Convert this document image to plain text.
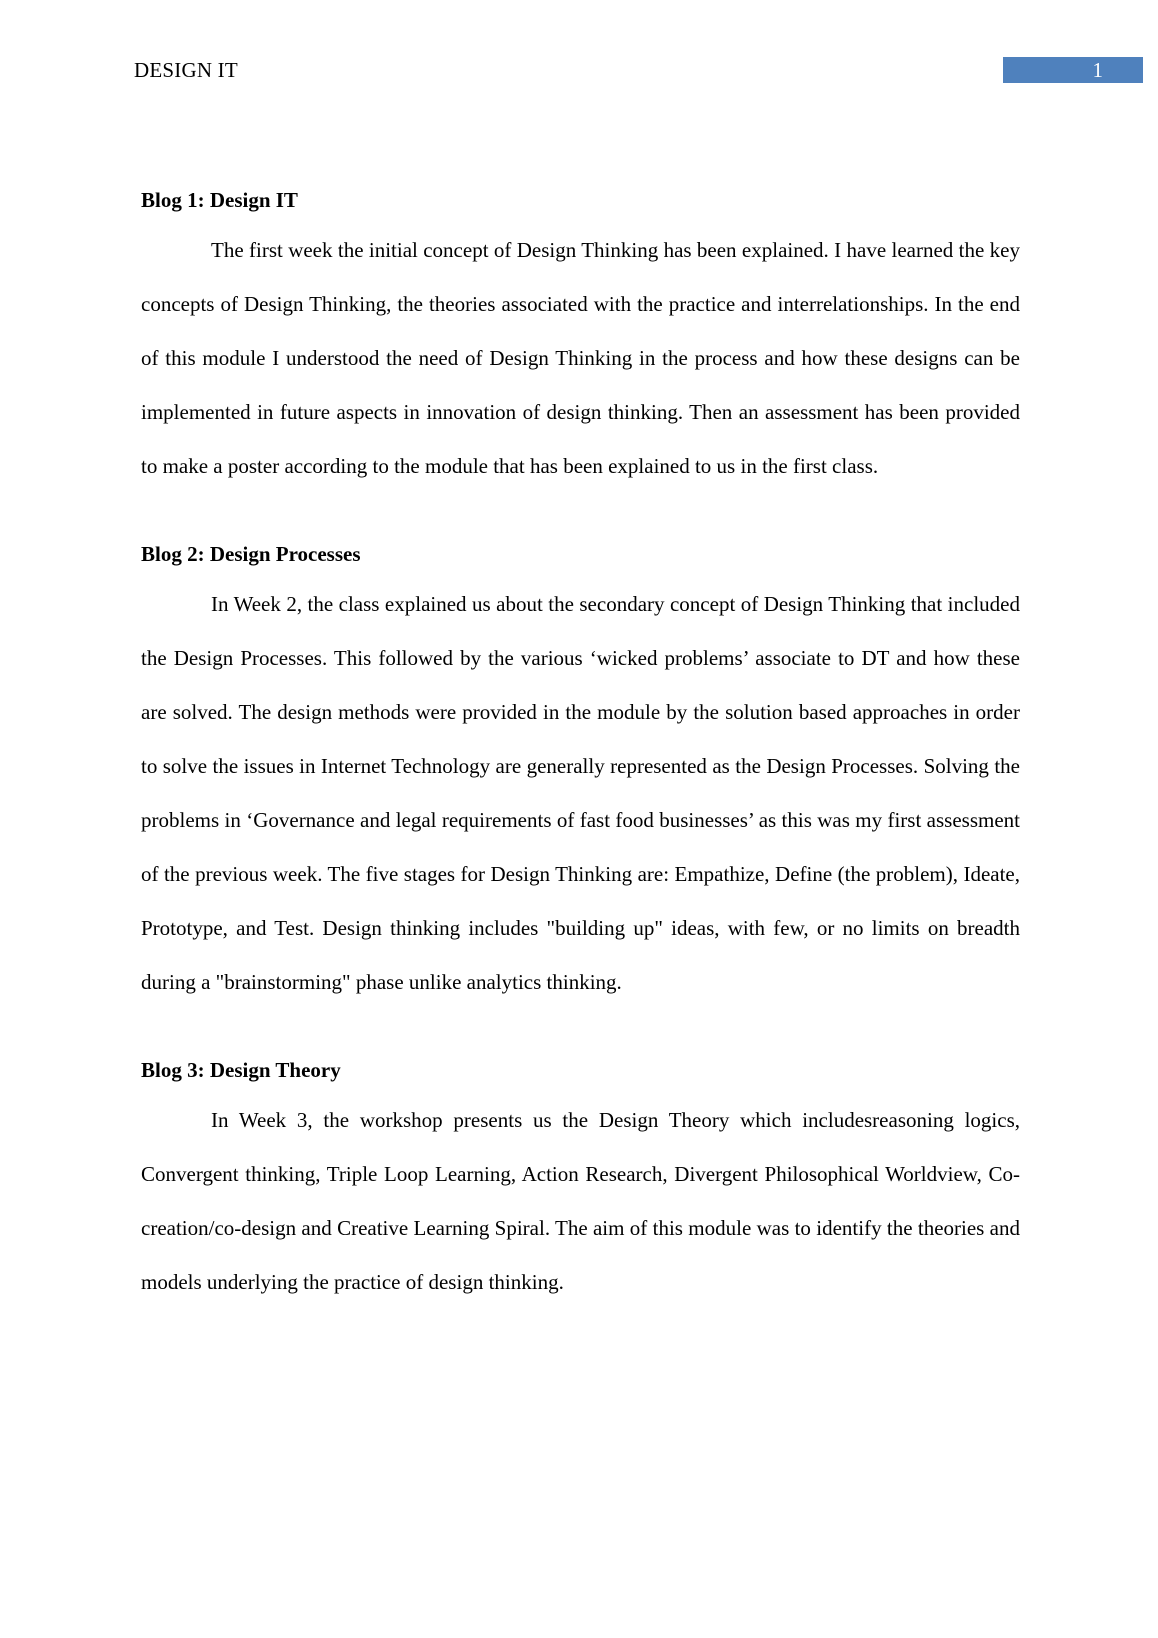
DESIGN IT	1

Blog 1: Design IT

The first week the initial concept of Design Thinking has been explained. I have learned the key concepts of Design Thinking, the theories associated with the practice and interrelationships. In the end of this module I understood the need of Design Thinking in the process and how these designs can be implemented in future aspects in innovation of design thinking. Then an assessment has been provided to make a poster according to the module that has been explained to us in the first class.

Blog 2: Design Processes

In Week 2, the class explained us about the secondary concept of Design Thinking that included the Design Processes. This followed by the various ‘wicked problems’ associate to DT and how these are solved. The design methods were provided in the module by the solution based approaches in order to solve the issues in Internet Technology are generally represented as the Design Processes. Solving the problems in ‘Governance and legal requirements of fast food businesses’ as this was my first assessment of the previous week. The five stages for Design Thinking are: Empathize, Define (the problem), Ideate, Prototype, and Test. Design thinking includes "building up" ideas, with few, or no limits on breadth during a "brainstorming" phase unlike analytics thinking.

Blog 3: Design Theory

In Week 3, the workshop presents us the Design Theory which includesreasoning logics, Convergent thinking, Triple Loop Learning, Action Research, Divergent Philosophical Worldview, Co-creation/co-design and Creative Learning Spiral. The aim of this module was to identify the theories and models underlying the practice of design thinking.
